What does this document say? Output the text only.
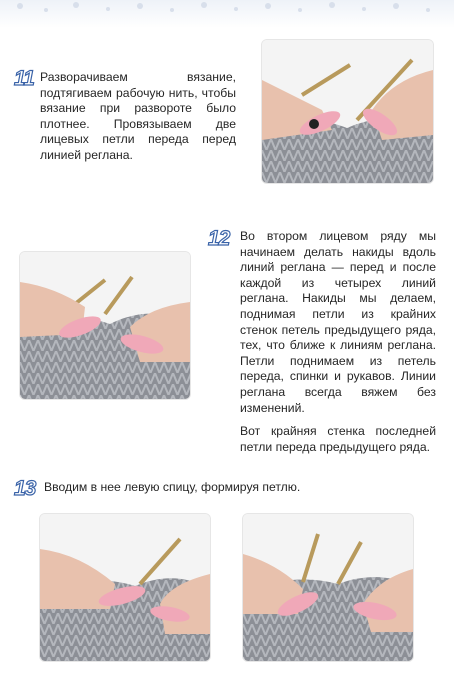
11 Разворачиваем вязание, подтягиваем рабочую нить, чтобы вязание при развороте было плотнее. Провязываем две лицевых петли переда перед линией реглана.

12 Во втором лицевом ряду мы начинаем делать накиды вдоль линий реглана — перед и после каждой из четырех линий реглана. Накиды мы делаем, поднимая петли из крайних стенок петель предыдущего ряда, тех, что ближе к линиям реглана. Петли поднимаем из петель переда, спинки и рукавов. Линии реглана всегда вяжем без изменений.

Вот крайняя стенка последней петли переда предыдущего ряда.

13 Вводим в нее левую спицу, формируя петлю.
